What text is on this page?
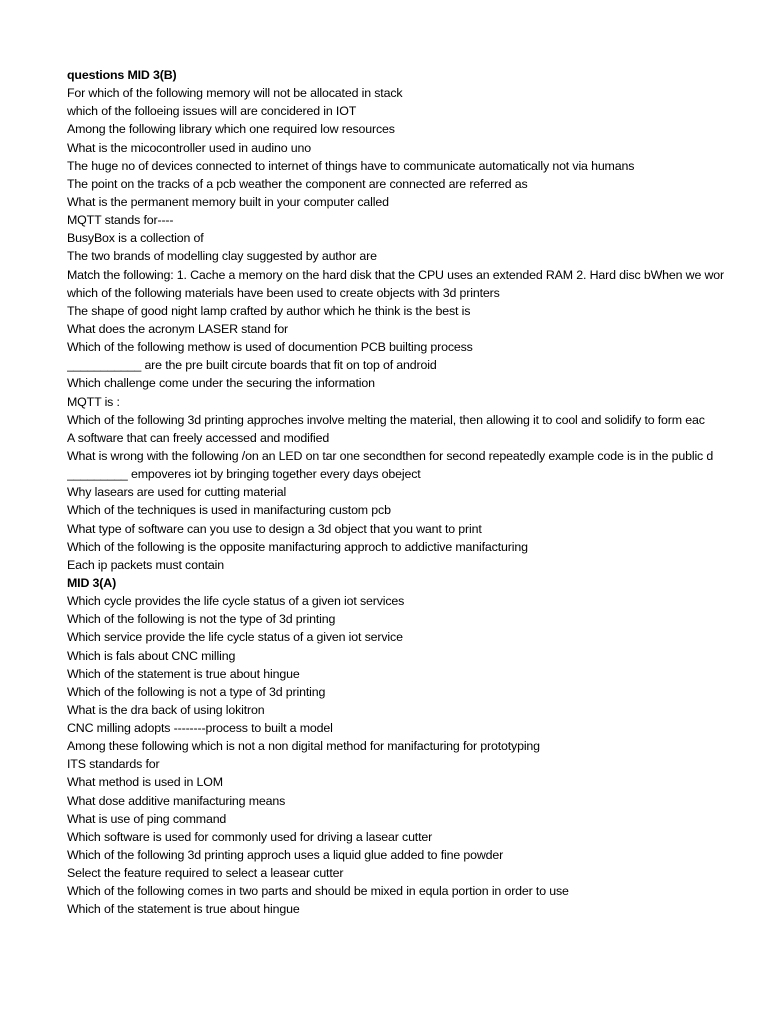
questions MID 3(B)
For which of the following memory will not be allocated in stack
which of the folloeing issues will are concidered in IOT
Among the following library which one required low resources
What is the micocontroller used in audino uno
The huge no of devices connected to internet of things have to communicate automatically not via humans
The point on the tracks of a pcb weather the component are connected are referred as
What is the permanent memory built in your computer called
MQTT stands for----
BusyBox is a collection of
The two brands of modelling clay suggested by author are
Match the following: 1. Cache a memory on the hard disk that the CPU uses an extended RAM 2. Hard disc bWhen we wor
which of the following materials have been used to create objects with 3d printers
The shape of good night lamp crafted by author which he think is the best is
What does the acronym LASER stand for
Which of the following methow is used of documention PCB builting process
___________ are the pre built circute boards that fit on top of android
Which challenge come under the securing the information
MQTT is :
Which of the following 3d printing approches involve melting the material, then allowing it to cool and solidify to form eac
A software that can freely accessed and modified
What is wrong with the following /on an LED on tar one secondthen for second repeatedly example code is in the public d
_________ empoveres iot by bringing together every days obeject
Why lasears are used for cutting material
Which of the techniques is used in manifacturing custom pcb
What type of software can you use to design a 3d object that you want to print
Which of the following is the opposite manifacturing approch to addictive manifacturing
Each ip packets must contain
MID 3(A)
Which cycle provides the life cycle status of a given iot services
Which of the following is not the type of 3d printing
Which service provide the life cycle status of a given iot service
Which is fals about CNC milling
Which of the statement is true about hingue
Which of the following is not a type of 3d printing
What is the dra back of using lokitron
CNC milling adopts --------process to built a model
Among these following which is not a non digital method for manifacturing for prototyping
ITS standards for
What method is used in LOM
What dose additive manifacturing means
What is use of ping command
Which software is used for commonly used for driving a lasear cutter
Which of the following 3d printing approch uses a liquid glue added to fine powder
Select the feature required to select a leasear cutter
Which of the following comes in two parts and should be mixed in equla portion in order to use
Which of the statement is true about hingue
